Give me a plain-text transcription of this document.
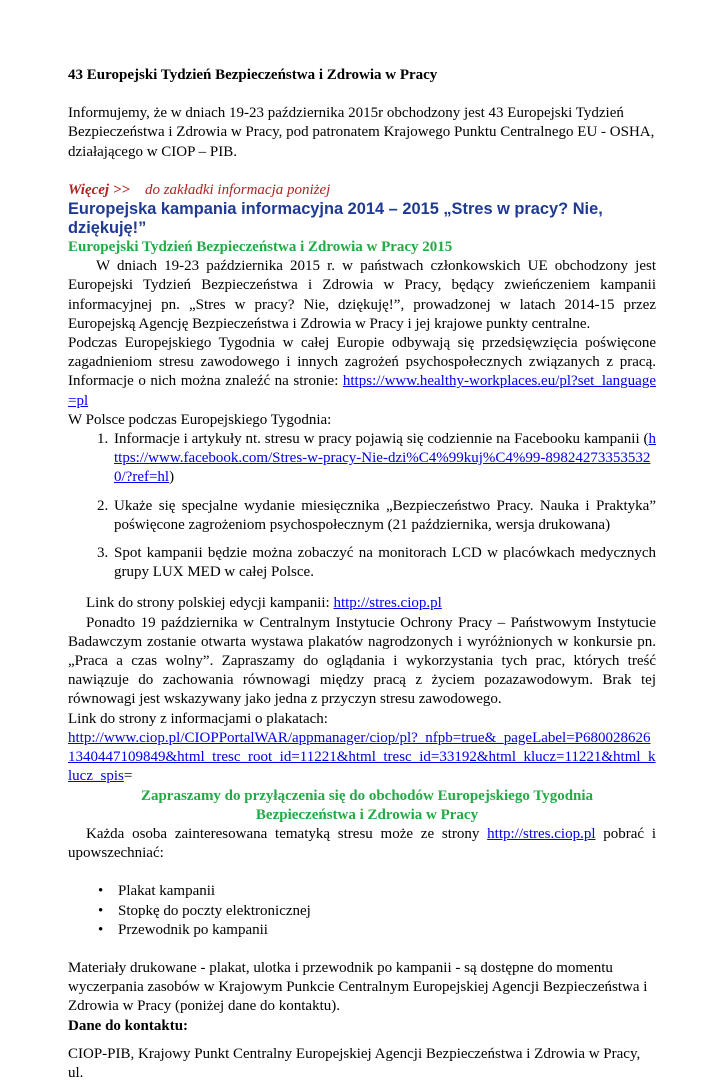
43 Europejski Tydzień Bezpieczeństwa i Zdrowia w Pracy

Informujemy, że w dniach 19-23 października 2015r obchodzony jest 43 Europejski Tydzień Bezpieczeństwa i Zdrowia w Pracy, pod patronatem Krajowego Punktu Centralnego EU - OSHA, działającego w CIOP – PIB.

Więcej >> do zakładki informacja poniżej

Europejska kampania informacyjna 2014 – 2015 „Stres w pracy? Nie, dziękuję!”

Europejski Tydzień Bezpieczeństwa i Zdrowia w Pracy 2015

W dniach 19-23 października 2015 r. w państwach członkowskich UE obchodzony jest Europejski Tydzień Bezpieczeństwa i Zdrowia w Pracy, będący zwieńczeniem kampanii informacyjnej pn. „Stres w pracy? Nie, dziękuję!”, prowadzonej w latach 2014-15 przez Europejską Agencję Bezpieczeństwa i Zdrowia w Pracy i jej krajowe punkty centralne.

Podczas Europejskiego Tygodnia w całej Europie odbywają się przedsięwzięcia poświęcone zagadnieniom stresu zawodowego i innych zagrożeń psychospołecznych związanych z pracą. Informacje o nich można znaleźć na stronie: https://www.healthy-workplaces.eu/pl?set_language=pl

W Polsce podczas Europejskiego Tygodnia:

1. Informacje i artykuły nt. stresu w pracy pojawią się codziennie na Facebooku kampanii (https://www.facebook.com/Stres-w-pracy-Nie-dzi%C4%99kuj%C4%99-898242733535320/?ref=hl)
2. Ukaże się specjalne wydanie miesięcznika „Bezpieczeństwo Pracy. Nauka i Praktyka” poświęcone zagrożeniom psychospołecznym (21 października, wersja drukowana)
3. Spot kampanii będzie można zobaczyć na monitorach LCD w placówkach medycznych grupy LUX MED w całej Polsce.

Link do strony polskiej edycji kampanii: http://stres.ciop.pl

Ponadto 19 października w Centralnym Instytucie Ochrony Pracy – Państwowym Instytucie Badawczym zostanie otwarta wystawa plakatów nagrodzonych i wyróżnionych w konkursie pn. „Praca a czas wolny”. Zapraszamy do oglądania i wykorzystania tych prac, których treść nawiązuje do zachowania równowagi między pracą z życiem pozazawodowym. Brak tej równowagi jest wskazywany jako jedna z przyczyn stresu zawodowego.

Link do strony z informacjami o plakatach:

http://www.ciop.pl/CIOPPortalWAR/appmanager/ciop/pl?_nfpb=true&_pageLabel=P6800286261340447109849&html_tresc_root_id=11221&html_tresc_id=33192&html_klucz=11221&html_klucz_spis=

Zapraszamy do przyłączenia się do obchodów Europejskiego Tygodnia Bezpieczeństwa i Zdrowia w Pracy

Każda osoba zainteresowana tematyką stresu może ze strony http://stres.ciop.pl pobrać i upowszechniać:

• Plakat kampanii
• Stopkę do poczty elektronicznej
• Przewodnik po kampanii

Materiały drukowane - plakat, ulotka i przewodnik po kampanii - są dostępne do momentu wyczerpania zasobów w Krajowym Punkcie Centralnym Europejskiej Agencji Bezpieczeństwa i Zdrowia w Pracy (poniżej dane do kontaktu).

Dane do kontaktu:

CIOP-PIB, Krajowy Punkt Centralny Europejskiej Agencji Bezpieczeństwa i Zdrowia w Pracy, ul.
